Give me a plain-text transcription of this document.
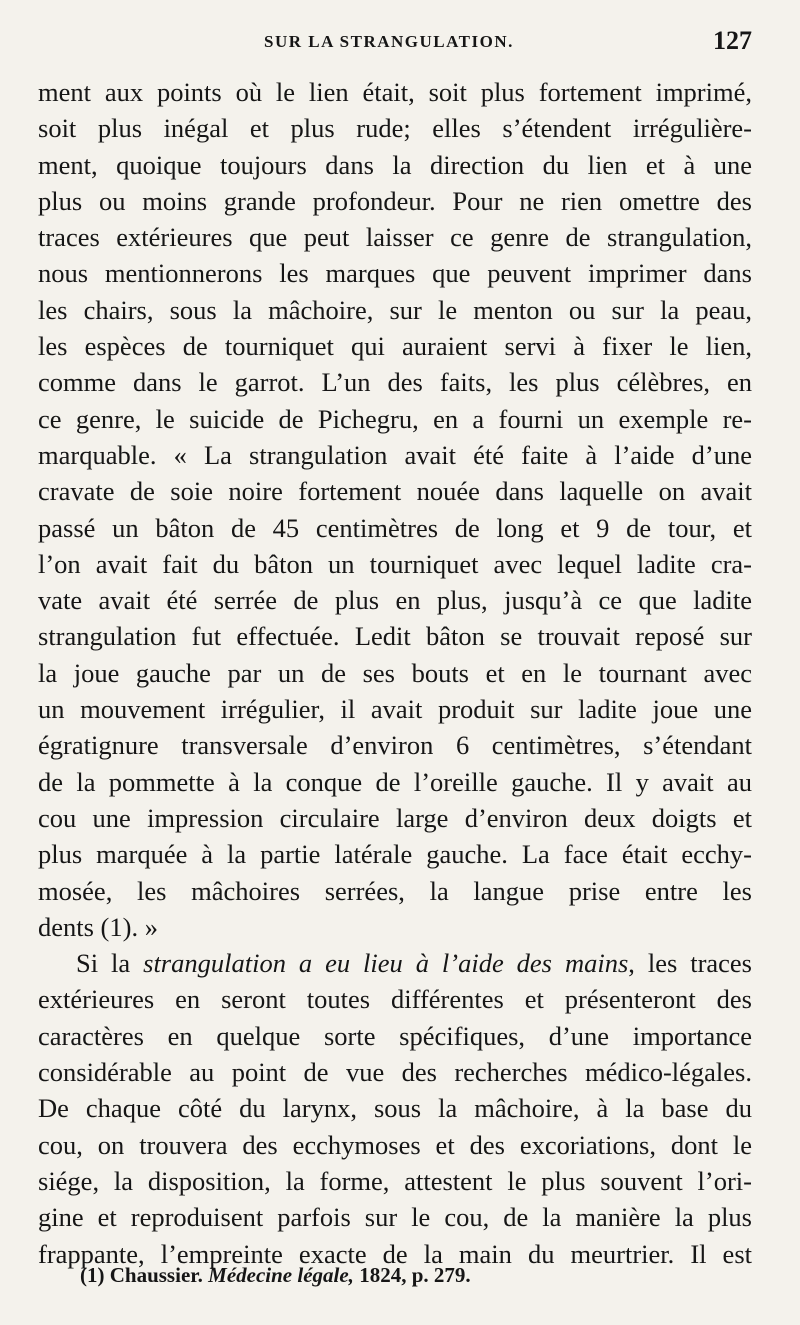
SUR LA STRANGULATION.	127
ment aux points où le lien était, soit plus fortement imprimé,
soit plus inégal et plus rude; elles s’étendent irrégulière-
ment, quoique toujours dans la direction du lien et à une
plus ou moins grande profondeur. Pour ne rien omettre des
traces extérieures que peut laisser ce genre de strangulation,
nous mentionnerons les marques que peuvent imprimer dans
les chairs, sous la mâchoire, sur le menton ou sur la peau,
les espèces de tourniquet qui auraient servi à fixer le lien,
comme dans le garrot. L’un des faits, les plus célèbres, en
ce genre, le suicide de Pichegru, en a fourni un exemple re-
marquable. « La strangulation avait été faite à l’aide d’une
cravate de soie noire fortement nouée dans laquelle on avait
passé un bâton de 45 centimètres de long et 9 de tour, et
l’on avait fait du bâton un tourniquet avec lequel ladite cra-
vate avait été serrée de plus en plus, jusqu’à ce que ladite
strangulation fut effectuée. Ledit bâton se trouvait reposé sur
la joue gauche par un de ses bouts et en le tournant avec
un mouvement irrégulier, il avait produit sur ladite joue une
égratignure transversale d’environ 6 centimètres, s’étendant
de la pommette à la conque de l’oreille gauche. Il y avait au
cou une impression circulaire large d’environ deux doigts et
plus marquée à la partie latérale gauche. La face était ecchy-
mosée, les mâchoires serrées, la langue prise entre les
dents (1). »
Si la strangulation a eu lieu à l’aide des mains, les traces
extérieures en seront toutes différentes et présenteront des
caractères en quelque sorte spécifiques, d’une importance
considérable au point de vue des recherches médico-légales.
De chaque côté du larynx, sous la mâchoire, à la base du
cou, on trouvera des ecchymoses et des excoriations, dont le
siége, la disposition, la forme, attestent le plus souvent l’ori-
gine et reproduisent parfois sur le cou, de la manière la plus
frappante, l’empreinte exacte de la main du meurtrier. Il est
(1) Chaussier. Médecine légale, 1824, p. 279.
